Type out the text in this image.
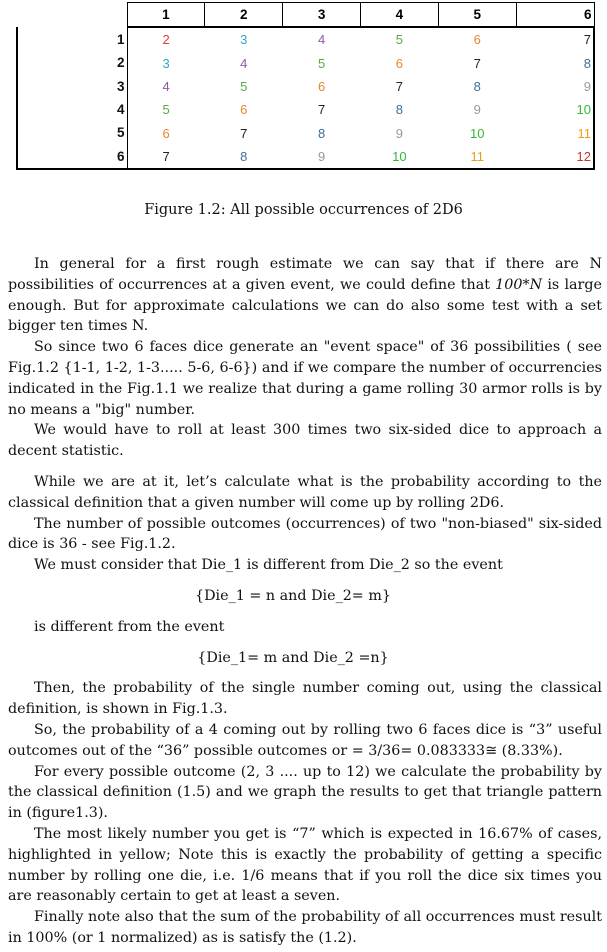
	1	2	3	4	5	6
1	2	3	4	5	6	7
2	3	4	5	6	7	8
3	4	5	6	7	8	9
4	5	6	7	8	9	10
5	6	7	8	9	10	11
6	7	8	9	10	11	12
Figure 1.2: All possible occurrences of 2D6

In general for a first rough estimate we can say that if there are N possibilities of occurrences at a given event, we could define that 100*N is large enough. But for approximate calculations we can do also some test with a set bigger ten times N.

So since two 6 faces dice generate an "event space" of 36 possibilities ( see Fig.1.2 {1-1, 1-2, 1-3..... 5-6, 6-6}) and if we compare the number of occurrencies indicated in the Fig.1.1 we realize that during a game rolling 30 armor rolls is by no means a "big" number.

We would have to roll at least 300 times two six-sided dice to approach a decent statistic.

While we are at it, let’s calculate what is the probability according to the classical definition that a given number will come up by rolling 2D6.

The number of possible outcomes (occurrences) of two "non-biased" six-sided dice is 36 - see Fig.1.2.

We must consider that Die_1 is different from Die_2 so the event

{Die_1 = n and Die_2= m}

is different from the event

{Die_1= m and Die_2 =n}

Then, the probability of the single number coming out, using the classical definition, is shown in Fig.1.3.

So, the probability of a 4 coming out by rolling two 6 faces dice is “3” useful outcomes out of the “36” possible outcomes or = 3/36= 0.083333≅ (8.33%).

For every possible outcome (2, 3 .... up to 12) we calculate the probability by the classical definition (1.5) and we graph the results to get that triangle pattern in (figure1.3).

The most likely number you get is “7” which is expected in 16.67% of cases, highlighted in yellow; Note this is exactly the probability of getting a specific number by rolling one die, i.e. 1/6 means that if you roll the dice six times you are reasonably certain to get at least a seven.

Finally note also that the sum of the probability of all occurrences must result in 100% (or 1 normalized) as is satisfy the (1.2).
